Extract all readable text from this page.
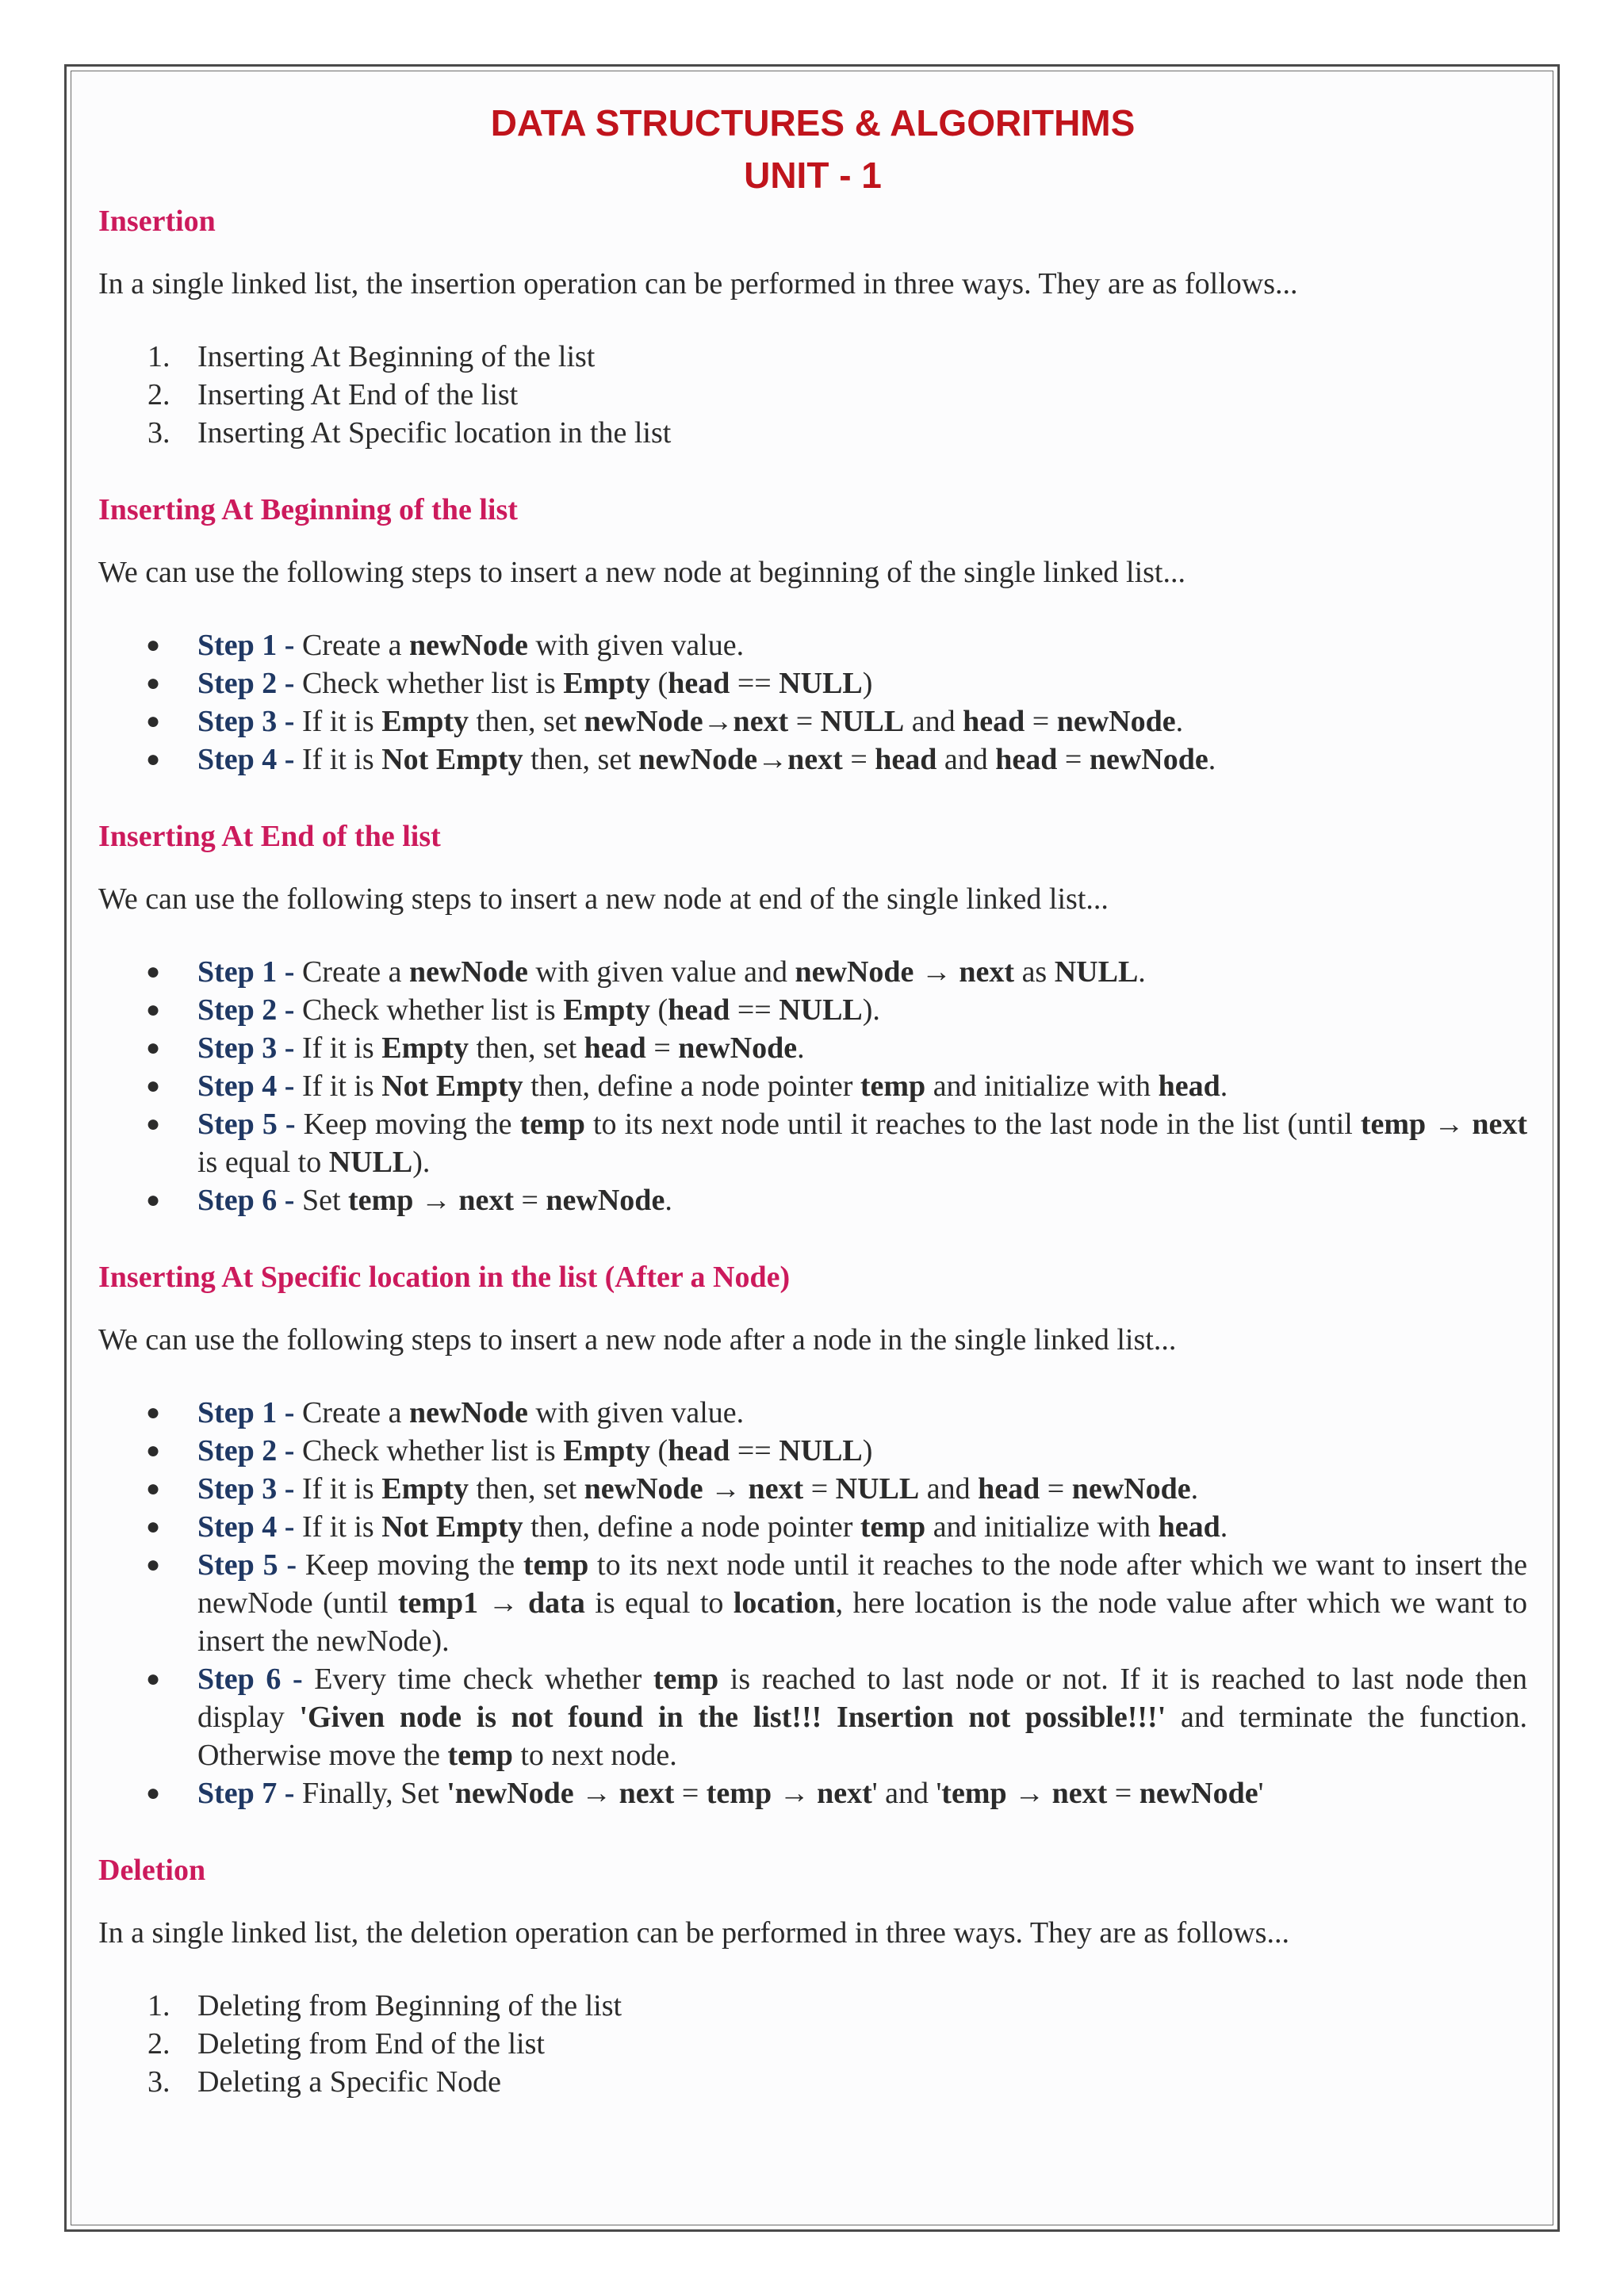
DATA STRUCTURES & ALGORITHMS
UNIT - 1
Insertion

In a single linked list, the insertion operation can be performed in three ways. They are as follows...

1. Inserting At Beginning of the list
2. Inserting At End of the list
3. Inserting At Specific location in the list
Inserting At Beginning of the list

We can use the following steps to insert a new node at beginning of the single linked list...

● Step 1 - Create a newNode with given value.
● Step 2 - Check whether list is Empty (head == NULL)
● Step 3 - If it is Empty then, set newNode→next = NULL and head = newNode.
● Step 4 - If it is Not Empty then, set newNode→next = head and head = newNode.
Inserting At End of the list

We can use the following steps to insert a new node at end of the single linked list...

● Step 1 - Create a newNode with given value and newNode → next as NULL.
● Step 2 - Check whether list is Empty (head == NULL).
● Step 3 - If it is Empty then, set head = newNode.
● Step 4 - If it is Not Empty then, define a node pointer temp and initialize with head.
● Step 5 - Keep moving the temp to its next node until it reaches to the last node in the list (until temp → next is equal to NULL).
● Step 6 - Set temp → next = newNode.
Inserting At Specific location in the list (After a Node)

We can use the following steps to insert a new node after a node in the single linked list...

● Step 1 - Create a newNode with given value.
● Step 2 - Check whether list is Empty (head == NULL)
● Step 3 - If it is Empty then, set newNode → next = NULL and head = newNode.
● Step 4 - If it is Not Empty then, define a node pointer temp and initialize with head.
● Step 5 - Keep moving the temp to its next node until it reaches to the node after which we want to insert the newNode (until temp1 → data is equal to location, here location is the node value after which we want to insert the newNode).
● Step 6 - Every time check whether temp is reached to last node or not. If it is reached to last node then display 'Given node is not found in the list!!! Insertion not possible!!!' and terminate the function. Otherwise move the temp to next node.
● Step 7 - Finally, Set 'newNode → next = temp → next' and 'temp → next = newNode'
Deletion

In a single linked list, the deletion operation can be performed in three ways. They are as follows...

1. Deleting from Beginning of the list
2. Deleting from End of the list
3. Deleting a Specific Node
